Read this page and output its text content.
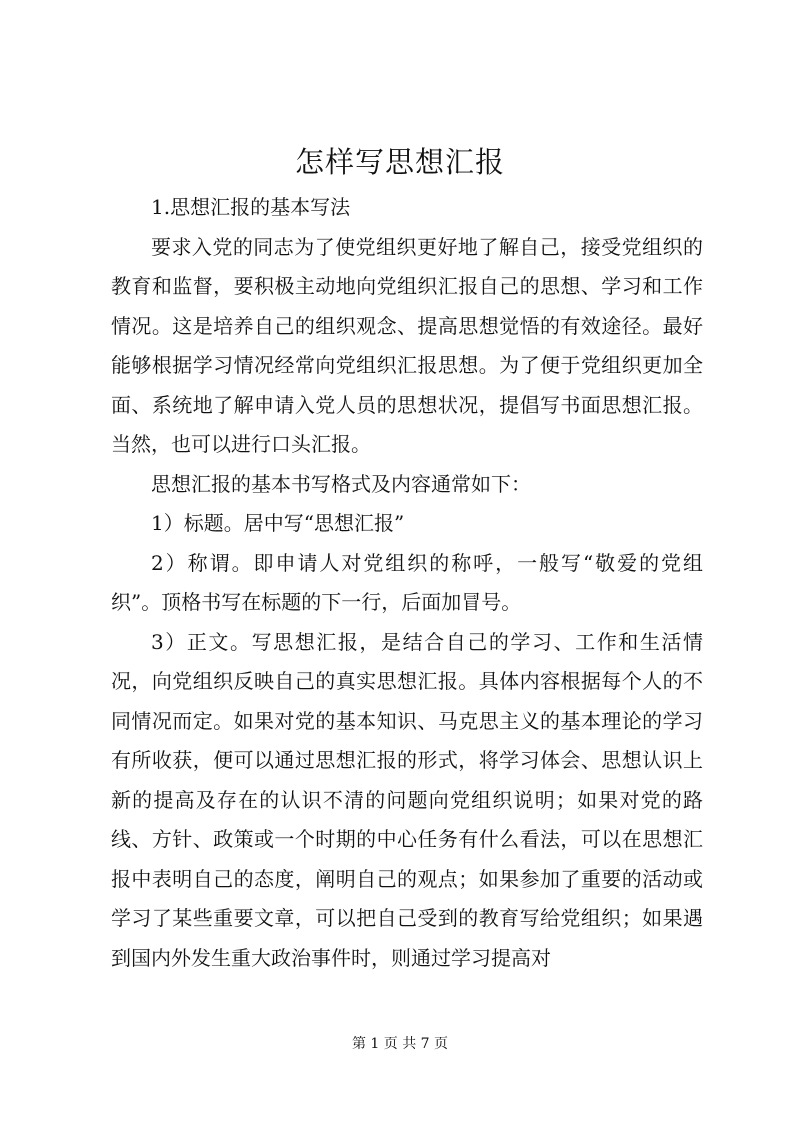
怎样写思想汇报

1.思想汇报的基本写法

要求入党的同志为了使党组织更好地了解自己，接受党组织的教育和监督，要积极主动地向党组织汇报自己的思想、学习和工作情况。这是培养自己的组织观念、提高思想觉悟的有效途径。最好能够根据学习情况经常向党组织汇报思想。为了便于党组织更加全面、系统地了解申请入党人员的思想状况，提倡写书面思想汇报。当然，也可以进行口头汇报。

思想汇报的基本书写格式及内容通常如下：

1）标题。居中写“思想汇报”

2）称谓。即申请人对党组织的称呼，一般写“敬爱的党组织”。顶格书写在标题的下一行，后面加冒号。

3）正文。写思想汇报，是结合自己的学习、工作和生活情况，向党组织反映自己的真实思想汇报。具体内容根据每个人的不同情况而定。如果对党的基本知识、马克思主义的基本理论的学习有所收获，便可以通过思想汇报的形式，将学习体会、思想认识上新的提高及存在的认识不清的问题向党组织说明；如果对党的路线、方针、政策或一个时期的中心任务有什么看法，可以在思想汇报中表明自己的态度，阐明自己的观点；如果参加了重要的活动或学习了某些重要文章，可以把自己受到的教育写给党组织；如果遇到国内外发生重大政治事件时，则通过学习提高对

第 1 页 共 7 页
